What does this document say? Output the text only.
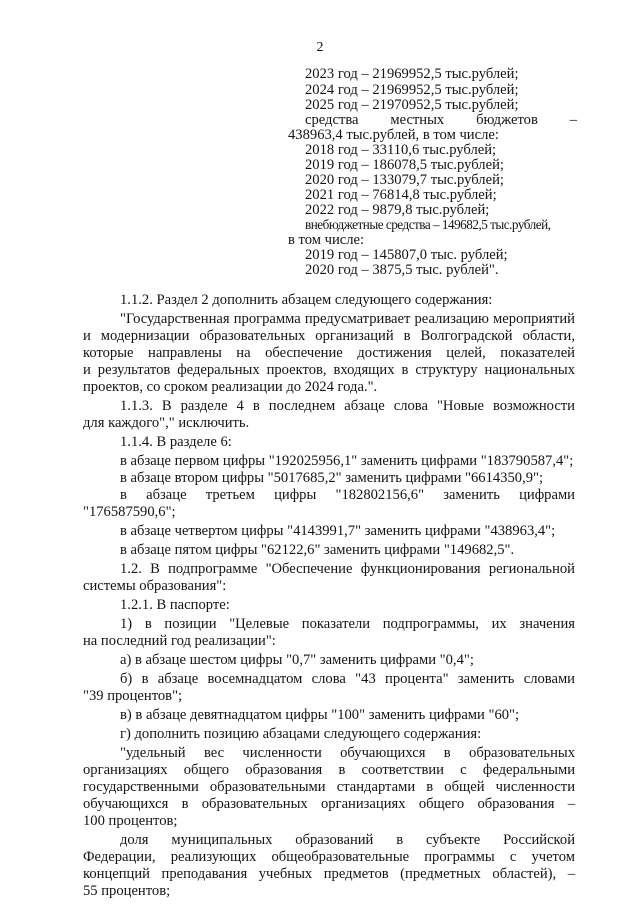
2
2023 год – 21969952,5 тыс.рублей;
2024 год – 21969952,5 тыс.рублей;
2025 год – 21970952,5 тыс.рублей;
средства местных бюджетов –
438963,4 тыс.рублей, в том числе:
2018 год – 33110,6 тыс.рублей;
2019 год – 186078,5 тыс.рублей;
2020 год – 133079,7 тыс.рублей;
2021 год – 76814,8 тыс.рублей;
2022 год – 9879,8 тыс.рублей;
внебюджетные средства – 149682,5 тыс.рублей,
в том числе:
2019 год – 145807,0 тыс. рублей;
2020 год – 3875,5 тыс. рублей".
1.1.2. Раздел 2 дополнить абзацем следующего содержания:
"Государственная программа предусматривает реализацию мероприятий
и модернизации образовательных организаций в Волгоградской области,
которые направлены на обеспечение достижения целей, показателей
и результатов федеральных проектов, входящих в структуру национальных
проектов, со сроком реализации до 2024 года.".
1.1.3. В разделе 4 в последнем абзаце слова "Новые возможности
для каждого"," исключить.
1.1.4. В разделе 6:
в абзаце первом цифры "192025956,1" заменить цифрами "183790587,4";
в абзаце втором цифры "5017685,2" заменить цифрами "6614350,9";
в абзаце третьем цифры "182802156,6" заменить цифрами
"176587590,6";
в абзаце четвертом цифры "4143991,7" заменить цифрами "438963,4";
в абзаце пятом цифры "62122,6" заменить цифрами "149682,5".
1.2. В подпрограмме "Обеспечение функционирования региональной
системы образования":
1.2.1. В паспорте:
1) в позиции "Целевые показатели подпрограммы, их значения
на последний год реализации":
а) в абзаце шестом цифры "0,7" заменить цифрами "0,4";
б) в абзаце восемнадцатом слова "43 процента" заменить словами
"39 процентов";
в) в абзаце девятнадцатом цифры "100" заменить цифрами "60";
г) дополнить позицию абзацами следующего содержания:
"удельный вес численности обучающихся в образовательных
организациях общего образования в соответствии с федеральными
государственными образовательными стандартами в общей численности
обучающихся в образовательных организациях общего образования –
100 процентов;
доля муниципальных образований в субъекте Российской
Федерации, реализующих общеобразовательные программы с учетом
концепций преподавания учебных предметов (предметных областей), –
55 процентов;
